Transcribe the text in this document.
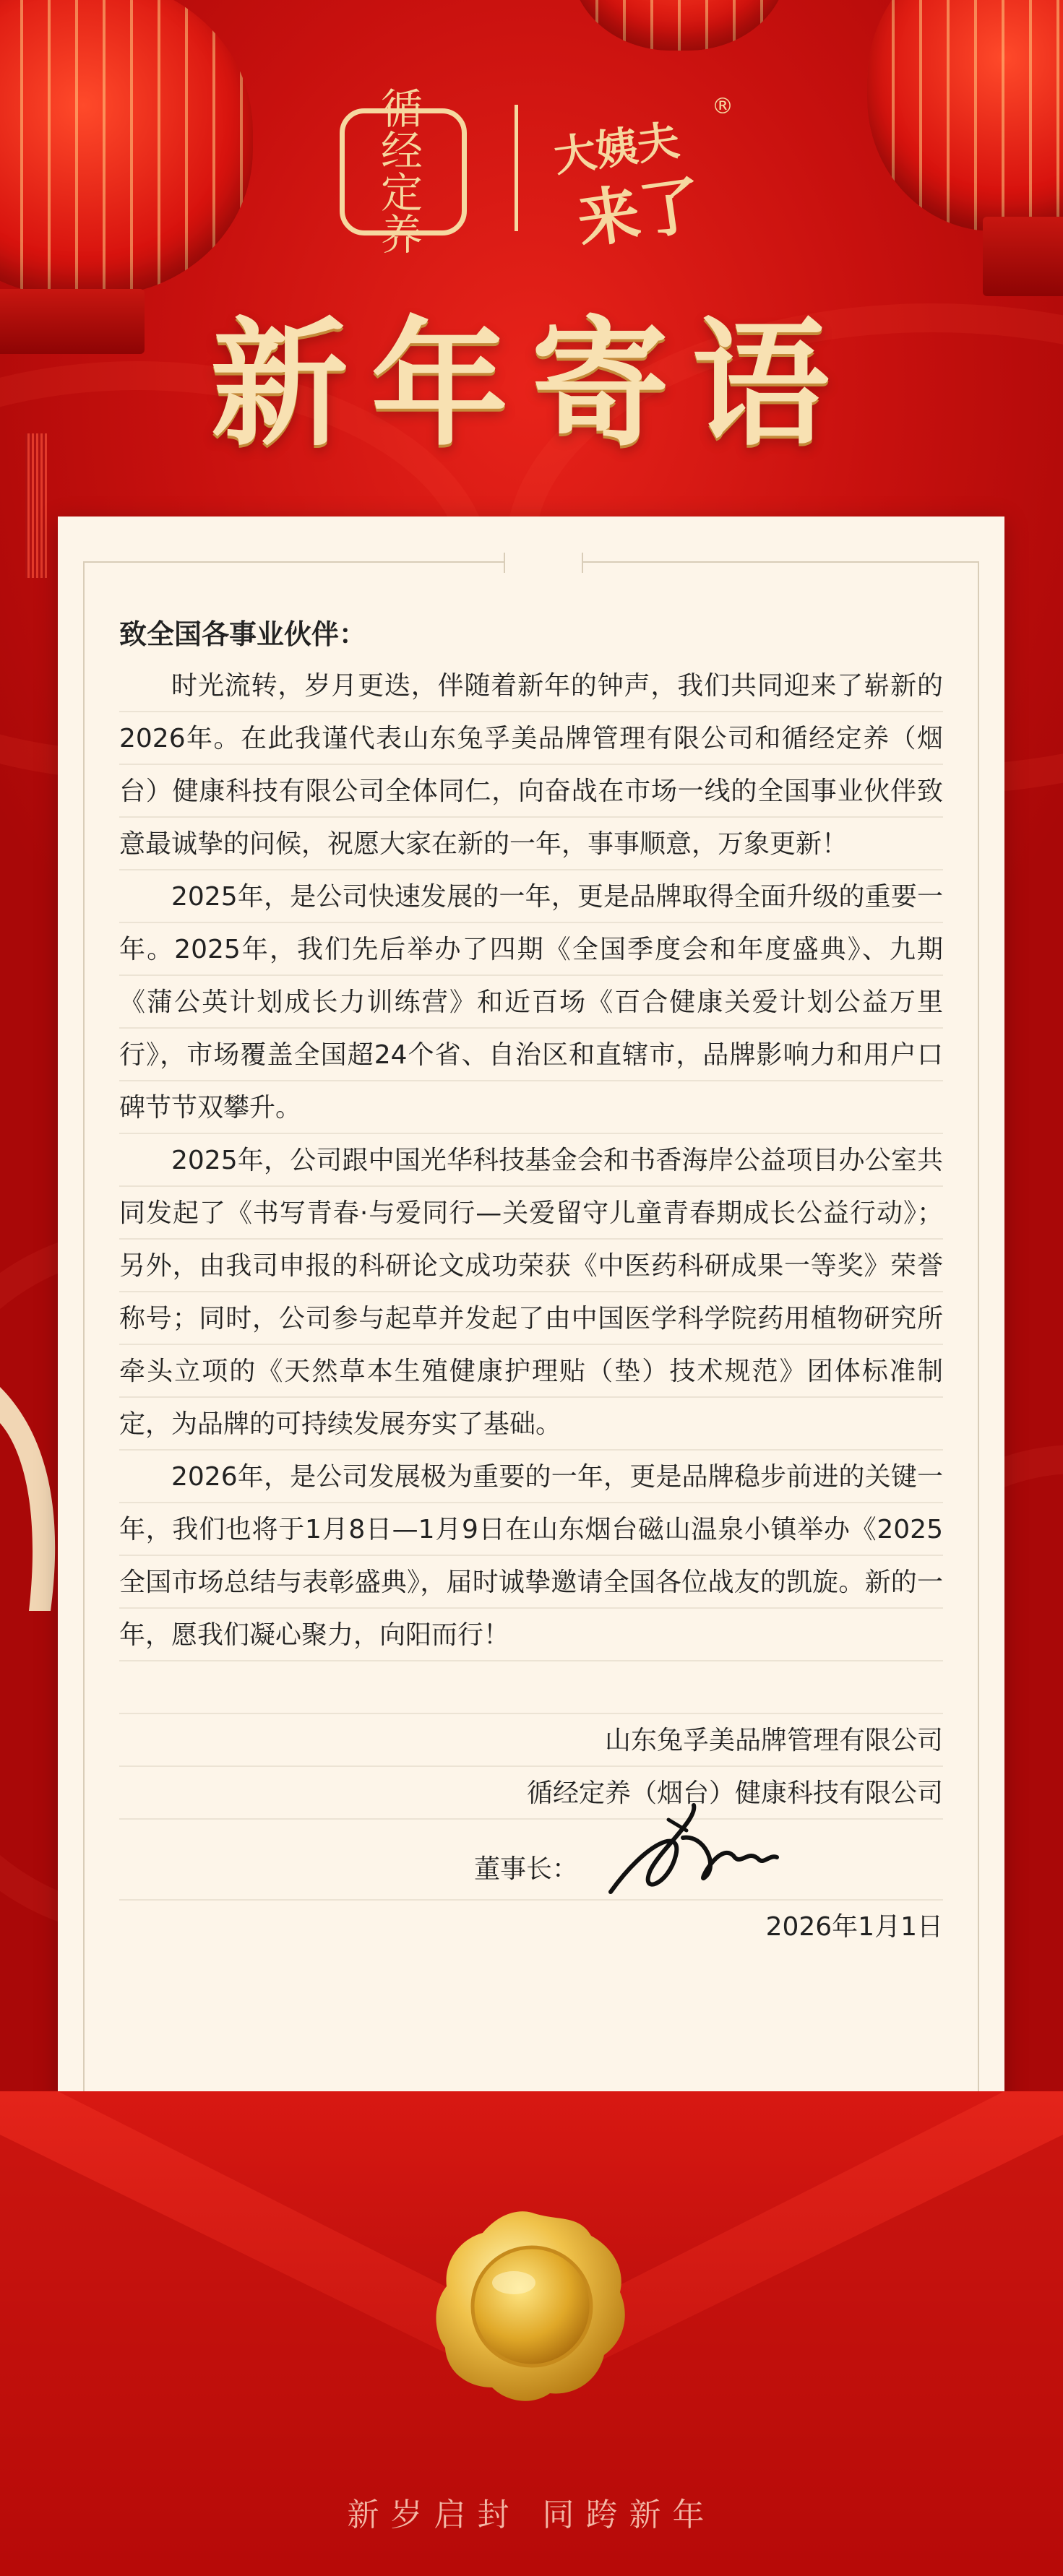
循经定养
大姨夫
来了
®
新年寄语

致全国各事业伙伴：

时光流转，岁月更迭，伴随着新年的钟声，我们共同迎来了崭新的2026年。在此我谨代表山东兔孚美品牌管理有限公司和循经定养（烟台）健康科技有限公司全体同仁，向奋战在市场一线的全国事业伙伴致意最诚挚的问候，祝愿大家在新的一年，事事顺意，万象更新！

2025年，是公司快速发展的一年，更是品牌取得全面升级的重要一年。2025年，我们先后举办了四期《全国季度会和年度盛典》、九期《蒲公英计划成长力训练营》和近百场《百合健康关爱计划公益万里行》，市场覆盖全国超24个省、自治区和直辖市，品牌影响力和用户口碑节节双攀升。

2025年，公司跟中国光华科技基金会和书香海岸公益项目办公室共同发起了《书写青春·与爱同行—关爱留守儿童青春期成长公益行动》；另外，由我司申报的科研论文成功荣获《中医药科研成果一等奖》荣誉称号；同时，公司参与起草并发起了由中国医学科学院药用植物研究所牵头立项的《天然草本生殖健康护理贴（垫）技术规范》团体标准制定，为品牌的可持续发展夯实了基础。

2026年，是公司发展极为重要的一年，更是品牌稳步前进的关键一年，我们也将于1月8日—1月9日在山东烟台磁山温泉小镇举办《2025全国市场总结与表彰盛典》，届时诚挚邀请全国各位战友的凯旋。新的一年，愿我们凝心聚力，向阳而行！

山东兔孚美品牌管理有限公司
循经定养（烟台）健康科技有限公司
董事长：
2026年1月1日
新岁启封 同跨新年
